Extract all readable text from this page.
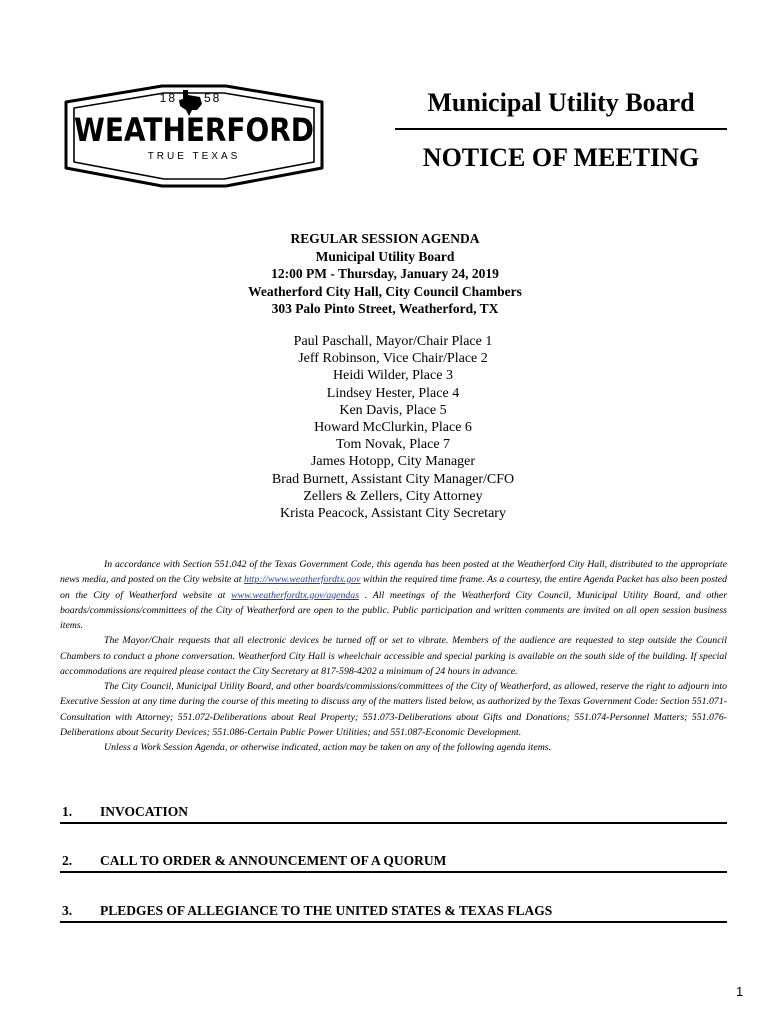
18 58
WEATHERFORD
TRUE TEXAS
Municipal Utility Board
NOTICE OF MEETING
REGULAR SESSION AGENDA
Municipal Utility Board
12:00 PM - Thursday, January 24, 2019
Weatherford City Hall, City Council Chambers
303 Palo Pinto Street, Weatherford, TX
Paul Paschall, Mayor/Chair Place 1
Jeff Robinson, Vice Chair/Place 2
Heidi Wilder, Place 3
Lindsey Hester, Place 4
Ken Davis, Place 5
Howard McClurkin, Place 6
Tom Novak, Place 7
James Hotopp, City Manager
Brad Burnett, Assistant City Manager/CFO
Zellers & Zellers, City Attorney
Krista Peacock, Assistant City Secretary

In accordance with Section 551.042 of the Texas Government Code, this agenda has been posted at the Weatherford City Hall, distributed to the appropriate news media, and posted on the City website at http://www.weatherfordtx.gov within the required time frame. As a courtesy, the entire Agenda Packet has also been posted on the City of Weatherford website at www.weatherfordtx.gov/agendas . All meetings of the Weatherford City Council, Municipal Utility Board, and other boards/commissions/committees of the City of Weatherford are open to the public. Public participation and written comments are invited on all open session business items.

The Mayor/Chair requests that all electronic devices be turned off or set to vibrate. Members of the audience are requested to step outside the Council Chambers to conduct a phone conversation. Weatherford City Hall is wheelchair accessible and special parking is available on the south side of the building. If special accommodations are required please contact the City Secretary at 817-598-4202 a minimum of 24 hours in advance.

The City Council, Municipal Utility Board, and other boards/commissions/committees of the City of Weatherford, as allowed, reserve the right to adjourn into Executive Session at any time during the course of this meeting to discuss any of the matters listed below, as authorized by the Texas Government Code: Section 551.071-Consultation with Attorney; 551.072-Deliberations about Real Property; 551.073-Deliberations about Gifts and Donations; 551.074-Personnel Matters; 551.076-Deliberations about Security Devices; 551.086-Certain Public Power Utilities; and 551.087-Economic Development.

Unless a Work Session Agenda, or otherwise indicated, action may be taken on any of the following agenda items.

1. INVOCATION
2. CALL TO ORDER & ANNOUNCEMENT OF A QUORUM
3. PLEDGES OF ALLEGIANCE TO THE UNITED STATES & TEXAS FLAGS
1
